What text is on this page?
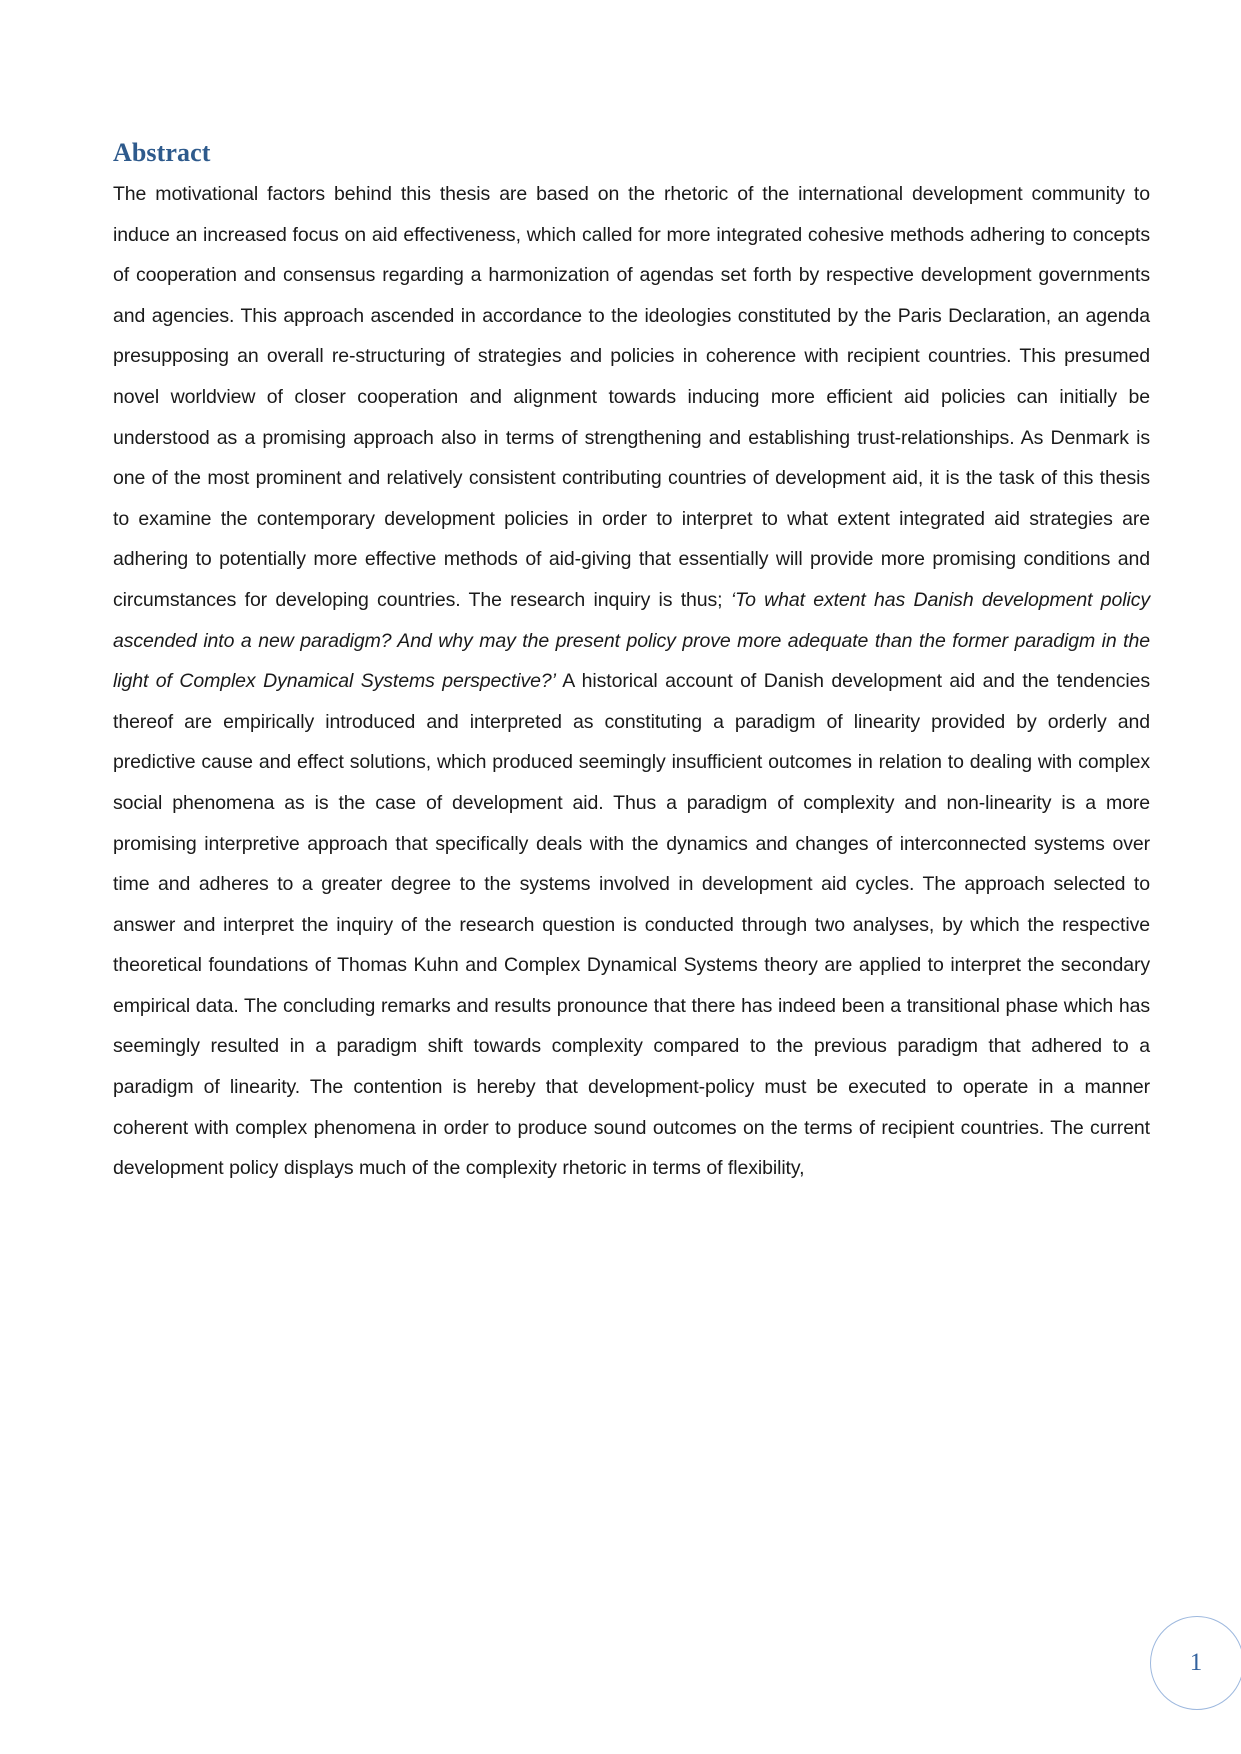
Abstract

The motivational factors behind this thesis are based on the rhetoric of the international development community to induce an increased focus on aid effectiveness, which called for more integrated cohesive methods adhering to concepts of cooperation and consensus regarding a harmonization of agendas set forth by respective development governments and agencies. This approach ascended in accordance to the ideologies constituted by the Paris Declaration, an agenda presupposing an overall re-structuring of strategies and policies in coherence with recipient countries. This presumed novel worldview of closer cooperation and alignment towards inducing more efficient aid policies can initially be understood as a promising approach also in terms of strengthening and establishing trust-relationships. As Denmark is one of the most prominent and relatively consistent contributing countries of development aid, it is the task of this thesis to examine the contemporary development policies in order to interpret to what extent integrated aid strategies are adhering to potentially more effective methods of aid-giving that essentially will provide more promising conditions and circumstances for developing countries. The research inquiry is thus; ‘To what extent has Danish development policy ascended into a new paradigm? And why may the present policy prove more adequate than the former paradigm in the light of Complex Dynamical Systems perspective?’ A historical account of Danish development aid and the tendencies thereof are empirically introduced and interpreted as constituting a paradigm of linearity provided by orderly and predictive cause and effect solutions, which produced seemingly insufficient outcomes in relation to dealing with complex social phenomena as is the case of development aid. Thus a paradigm of complexity and non-linearity is a more promising interpretive approach that specifically deals with the dynamics and changes of interconnected systems over time and adheres to a greater degree to the systems involved in development aid cycles. The approach selected to answer and interpret the inquiry of the research question is conducted through two analyses, by which the respective theoretical foundations of Thomas Kuhn and Complex Dynamical Systems theory are applied to interpret the secondary empirical data. The concluding remarks and results pronounce that there has indeed been a transitional phase which has seemingly resulted in a paradigm shift towards complexity compared to the previous paradigm that adhered to a paradigm of linearity. The contention is hereby that development-policy must be executed to operate in a manner coherent with complex phenomena in order to produce sound outcomes on the terms of recipient countries. The current development policy displays much of the complexity rhetoric in terms of flexibility,

1
